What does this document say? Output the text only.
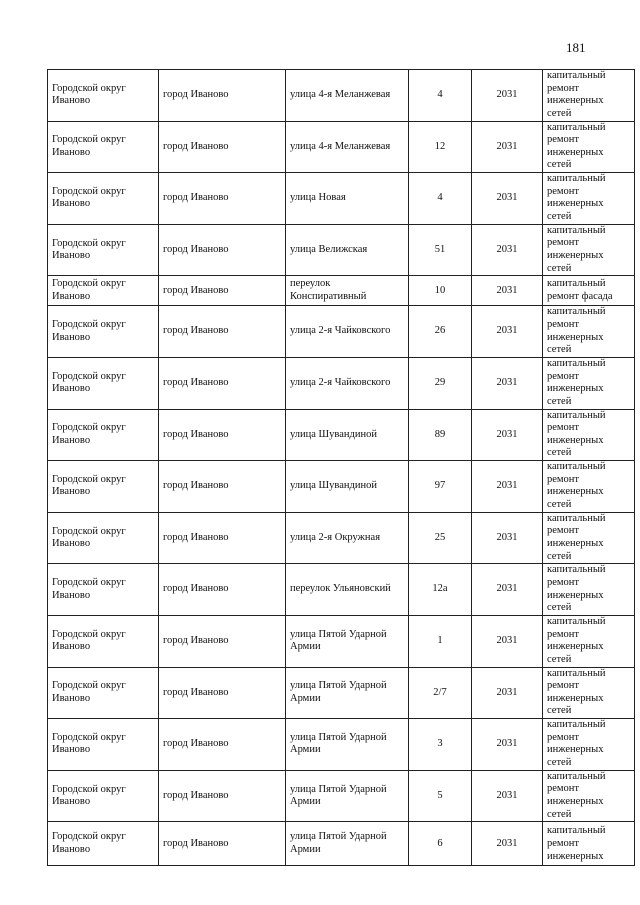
181
Городской округ Иваново	город Иваново	улица 4-я Меланжевая	4	2031	капитальный ремонт инженерных сетей
Городской округ Иваново	город Иваново	улица 4-я Меланжевая	12	2031	капитальный ремонт инженерных сетей
Городской округ Иваново	город Иваново	улица Новая	4	2031	капитальный ремонт инженерных сетей
Городской округ Иваново	город Иваново	улица Велижская	51	2031	капитальный ремонт инженерных сетей
Городской округ Иваново	город Иваново	переулок Конспиративный	10	2031	капитальный ремонт фасада
Городской округ Иваново	город Иваново	улица 2-я Чайковского	26	2031	капитальный ремонт инженерных сетей
Городской округ Иваново	город Иваново	улица 2-я Чайковского	29	2031	капитальный ремонт инженерных сетей
Городской округ Иваново	город Иваново	улица Шувандиной	89	2031	капитальный ремонт инженерных сетей
Городской округ Иваново	город Иваново	улица Шувандиной	97	2031	капитальный ремонт инженерных сетей
Городской округ Иваново	город Иваново	улица 2-я Окружная	25	2031	капитальный ремонт инженерных сетей
Городской округ Иваново	город Иваново	переулок Ульяновский	12а	2031	капитальный ремонт инженерных сетей
Городской округ Иваново	город Иваново	улица Пятой Ударной Армии	1	2031	капитальный ремонт инженерных сетей
Городской округ Иваново	город Иваново	улица Пятой Ударной Армии	2/7	2031	капитальный ремонт инженерных сетей
Городской округ Иваново	город Иваново	улица Пятой Ударной Армии	3	2031	капитальный ремонт инженерных сетей
Городской округ Иваново	город Иваново	улица Пятой Ударной Армии	5	2031	капитальный ремонт инженерных сетей
Городской округ Иваново	город Иваново	улица Пятой Ударной Армии	6	2031	капитальный ремонт инженерных
